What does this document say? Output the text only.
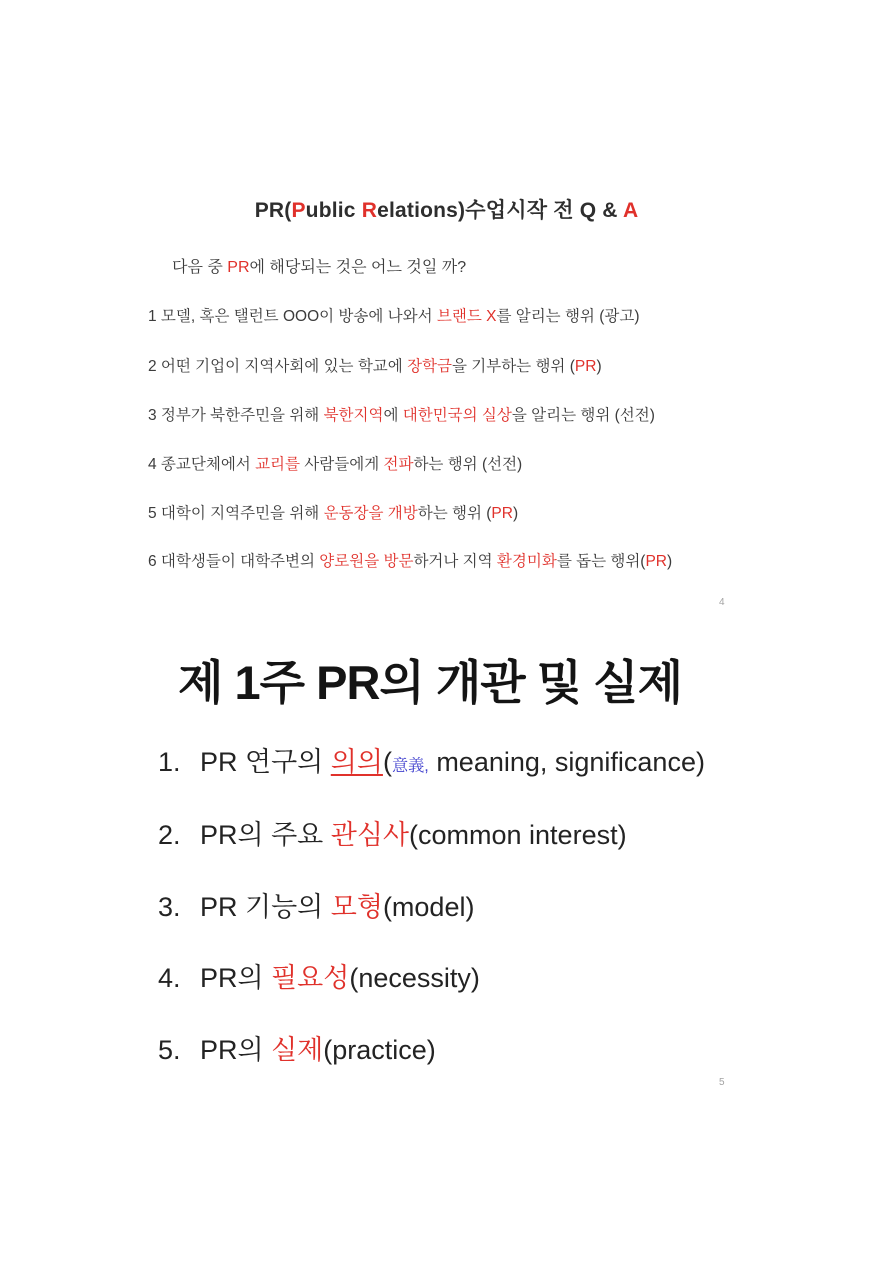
PR(Public Relations)수업시작 전 Q & A
다음 중 PR에 해당되는 것은 어느 것일 까?
1 모델, 혹은 탤런트 OOO이 방송에 나와서 브랜드 X를 알리는 행위 (광고)
2 어떤 기업이 지역사회에 있는 학교에 장학금을 기부하는 행위 (PR)
3 정부가 북한주민을 위해 북한지역에 대한민국의 실상을 알리는 행위 (선전)
4 종교단체에서 교리를 사람들에게 전파하는 행위 (선전)
5 대학이 지역주민을 위해 운동장을 개방하는 행위 (PR)
6 대학생들이 대학주변의 양로원을 방문하거나 지역 환경미화를 돕는 행위(PR)
4
제 1주 PR의 개관 및 실제
1. PR 연구의 의의(意義, meaning, significance)
2. PR의 주요 관심사(common interest)
3. PR 기능의 모형(model)
4. PR의 필요성(necessity)
5. PR의 실제(practice)
5
